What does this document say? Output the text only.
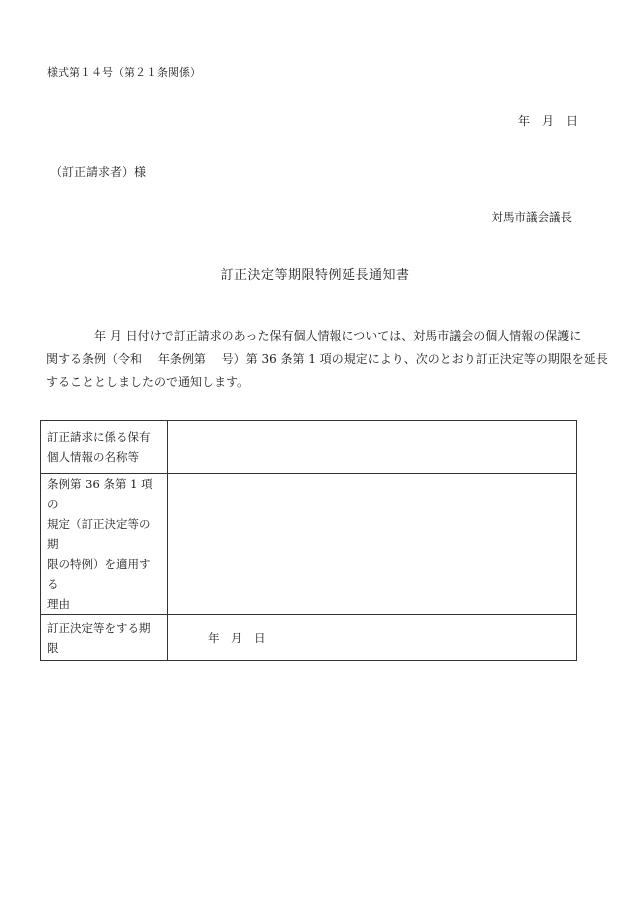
様式第１４号（第２１条関係）
年　月　日
（訂正請求者）様
対馬市議会議長
訂正決定等期限特例延長通知書
　　　　年 月 日付けで訂正請求のあった保有個人情報については、対馬市議会の個人情報の保護に
関する条例（令和　 年条例第　 号）第 36 条第 1 項の規定により、次のとおり訂正決定等の期限を延長
することとしましたので通知します。
訂正請求に係る保有
個人情報の名称等	
条例第 36 条第 1 項の
規定（訂正決定等の期
限の特例）を適用する
理由	
訂正決定等をする期
限	年　月　日
